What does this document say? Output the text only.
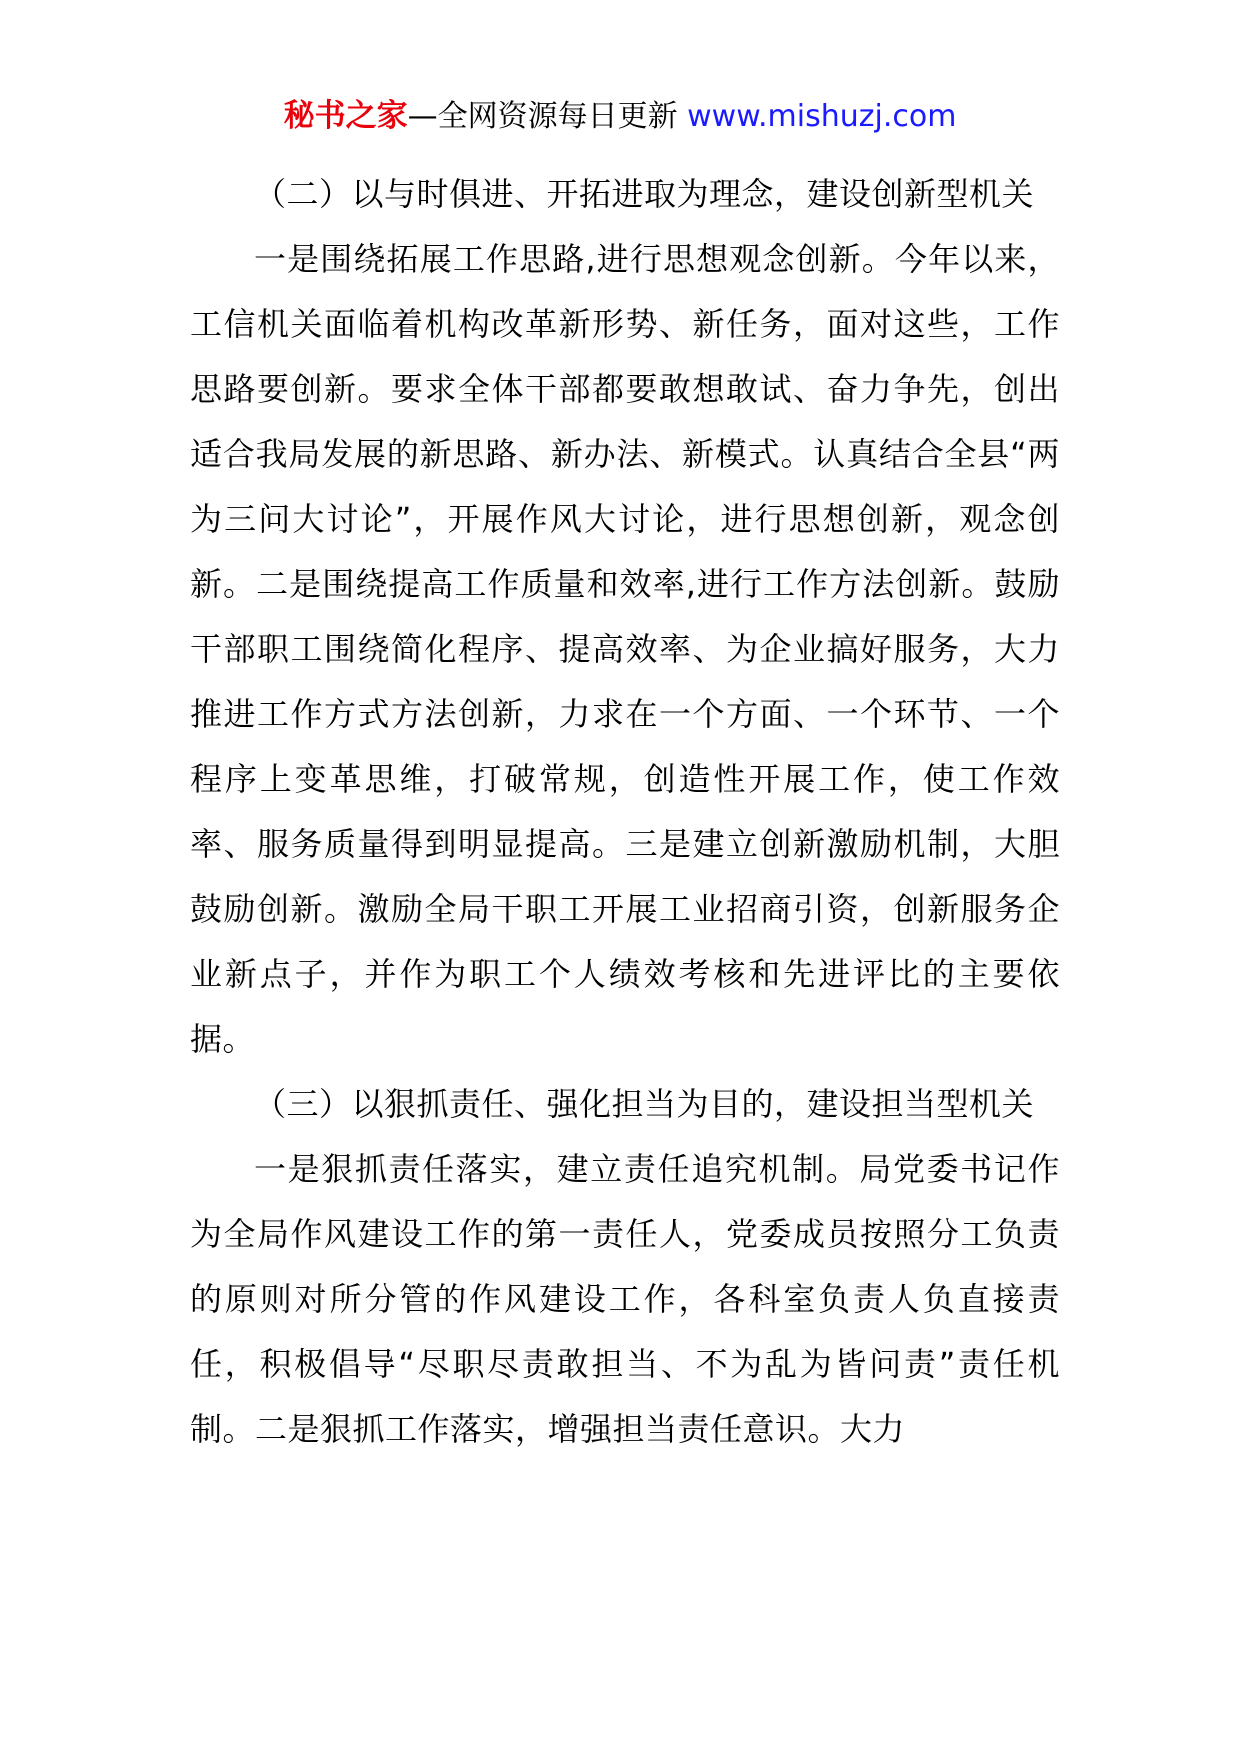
秘书之家—全网资源每日更新 www.mishuzj.com

（二）以与时俱进、开拓进取为理念，建设创新型机关

一是围绕拓展工作思路,进行思想观念创新。今年以来，工信机关面临着机构改革新形势、新任务，面对这些，工作思路要创新。要求全体干部都要敢想敢试、奋力争先，创出适合我局发展的新思路、新办法、新模式。认真结合全县“两为三问大讨论”，开展作风大讨论，进行思想创新，观念创新。二是围绕提高工作质量和效率,进行工作方法创新。鼓励干部职工围绕简化程序、提高效率、为企业搞好服务，大力推进工作方式方法创新，力求在一个方面、一个环节、一个程序上变革思维，打破常规，创造性开展工作，使工作效率、服务质量得到明显提高。三是建立创新激励机制，大胆鼓励创新。激励全局干职工开展工业招商引资，创新服务企业新点子，并作为职工个人绩效考核和先进评比的主要依据。

（三）以狠抓责任、强化担当为目的，建设担当型机关

一是狠抓责任落实，建立责任追究机制。局党委书记作为全局作风建设工作的第一责任人，党委成员按照分工负责的原则对所分管的作风建设工作，各科室负责人负直接责任，积极倡导“尽职尽责敢担当、不为乱为皆问责”责任机制。二是狠抓工作落实，增强担当责任意识。大力
